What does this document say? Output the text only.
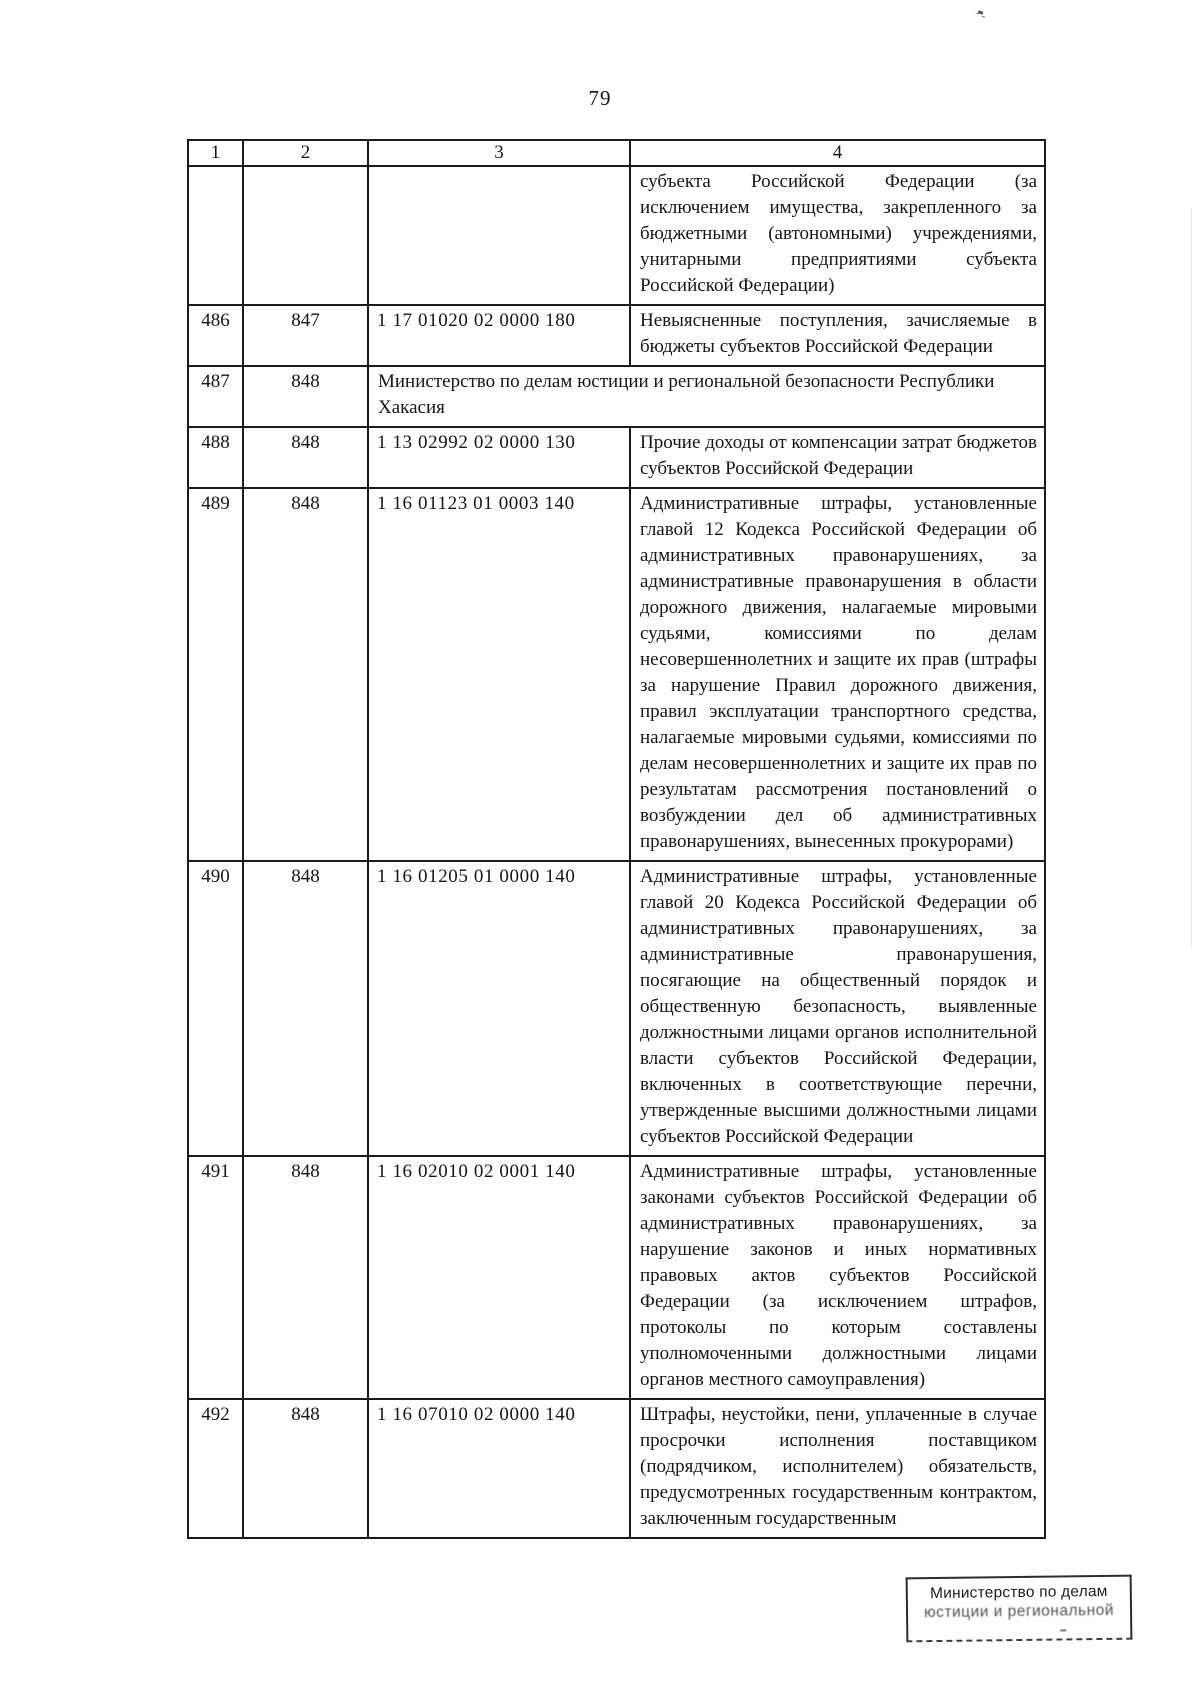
79
1	2	3	4
			субъекта Российской Федерации (за исключением имущества, закрепленного за бюджетными (автономными) учреждениями, унитарными предприятиями субъекта Российской Федерации)
486	847	1 17 01020 02 0000 180	Невыясненные поступления, зачисляемые в бюджеты субъектов Российской Федерации
487	848	Министерство по делам юстиции и региональной безопасности Республики Хакасия	
488	848	1 13 02992 02 0000 130	Прочие доходы от компенсации затрат бюджетов субъектов Российской Федерации
489	848	1 16 01123 01 0003 140	Административные штрафы, установленные главой 12 Кодекса Российской Федерации об административных правонарушениях, за административные правонарушения в области дорожного движения, налагаемые мировыми судьями, комиссиями по делам несовершеннолетних и защите их прав (штрафы за нарушение Правил дорожного движения, правил эксплуатации транспортного средства, налагаемые мировыми судьями, комиссиями по делам несовершеннолетних и защите их прав по результатам рассмотрения постановлений о возбуждении дел об административных правонарушениях, вынесенных прокурорами)
490	848	1 16 01205 01 0000 140	Административные штрафы, установленные главой 20 Кодекса Российской Федерации об административных правонарушениях, за административные правонарушения, посягающие на общественный порядок и общественную безопасность, выявленные должностными лицами органов исполнительной власти субъектов Российской Федерации, включенных в соответствующие перечни, утвержденные высшими должностными лицами субъектов Российской Федерации
491	848	1 16 02010 02 0001 140	Административные штрафы, установленные законами субъектов Российской Федерации об административных правонарушениях, за нарушение законов и иных нормативных правовых актов субъектов Российской Федерации (за исключением штрафов, протоколы по которым составлены уполномоченными должностными лицами органов местного самоуправления)
492	848	1 16 07010 02 0000 140	Штрафы, неустойки, пени, уплаченные в случае просрочки исполнения поставщиком (подрядчиком, исполнителем) обязательств, предусмотренных государственным контрактом, заключенным государственным
Министерство по делам
юстиции и региональной
